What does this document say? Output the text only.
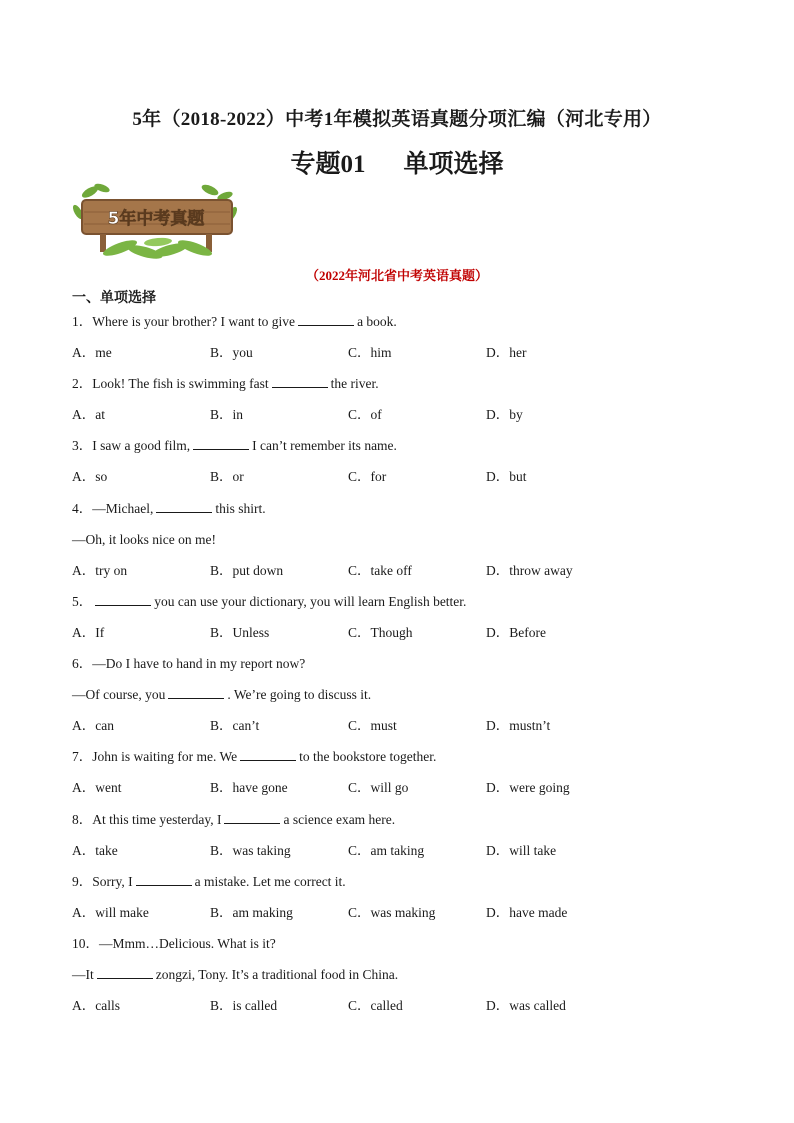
5年（2018-2022）中考1年模拟英语真题分项汇编（河北专用）
专题01 单项选择
5年中考真题
（2022年河北省中考英语真题）
一、单项选择
1．Where is your brother? I want to give	a book.
A．me	B．you	C．him	D．her
2．Look! The fish is swimming fast	the river.
A．at	B．in	C．of	D．by
3．I saw a good film,	I can’t remember its name.
A．so	B．or	C．for	D．but
4．—Michael,	this shirt.
—Oh, it looks nice on me!
A．try on	B．put down	C．take off	D．throw away
5．	you can use your dictionary, you will learn English better.
A．If	B．Unless	C．Though	D．Before
6．—Do I have to hand in my report now?
—Of course, you	. We’re going to discuss it.
A．can	B．can’t	C．must	D．mustn’t
7．John is waiting for me. We	to the bookstore together.
A．went	B．have gone	C．will go	D．were going
8．At this time yesterday, I	a science exam here.
A．take	B．was taking	C．am taking	D．will take
9．Sorry, I	a mistake. Let me correct it.
A．will make	B．am making	C．was making	D．have made
10．—Mmm…Delicious. What is it?
—It	zongzi, Tony. It’s a traditional food in China.
A．calls	B．is called	C．called	D．was called
